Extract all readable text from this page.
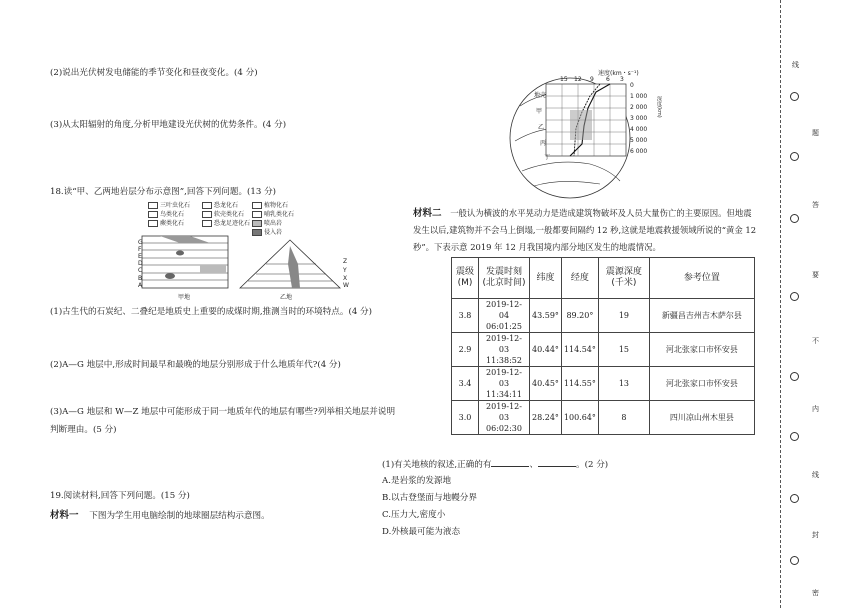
(2)说出光伏树发电储能的季节变化和昼夜变化。(4 分)
(3)从太阳辐射的角度,分析甲地建设光伏树的优势条件。(4 分)
18.读“甲、乙两地岩层分布示意图”,回答下列问题。(13 分)
三叶虫化石	恐龙化石	植物化石
鸟类化石	软壳类化石	哺乳类化石
蕨类化石	恐龙足迹化石	喷出岩
侵入岩
G
F
E
D
C
B
A
Z
Y
X
W
甲地	乙地
(1)古生代的石炭纪、二叠纪是地质史上重要的成煤时期,推测当时的环境特点。(4 分)
(2)A—G 地层中,形成时间最早和最晚的地层分别形成于什么地质年代?(4 分)
(3)A—G 地层和 W—Z 地层中可能形成于同一地质年代的地层有哪些?列举相关地层并说明
判断理由。(5 分)
19.阅读材料,回答下列问题。(15 分)
材料一 下图为学生用电脑绘制的地球圈层结构示意图。
速度(km・s⁻¹)
15 12 9 6 3
0
1 000
2 000
3 000
4 000
5 000
6 000
深度(km)
地壳
甲
乙
丙
丁
材料二 一般认为横波的水平晃动力是造成建筑物破坏及人员大量伤亡的主要原因。但地震发生以后,建筑物并不会马上倒塌,一般都要间隔约 12 秒,这就是地震救援领域所说的“黄金 12 秒”。下表示意 2019 年 12 月我国境内部分地区发生的地震情况。
震级(M)	发震时刻(北京时间)	纬度	经度	震源深度(千米)	参考位置
3.8	2019-12-04 06:01:25	43.59°	89.20°	19	新疆昌吉州吉木萨尔县
2.9	2019-12-03 11:38:52	40.44°	114.54°	15	河北张家口市怀安县
3.4	2019-12-03 11:34:11	40.45°	114.55°	13	河北张家口市怀安县
3.0	2019-12-03 06:02:30	28.24°	100.64°	8	四川凉山州木里县
(1)有关地核的叙述,正确的有	、	。(2 分)
A.是岩浆的发源地
B.以古登堡面与地幔分界
C.压力大,密度小
D.外核最可能为液态
线
题
答
要
不
内
线
封
密
